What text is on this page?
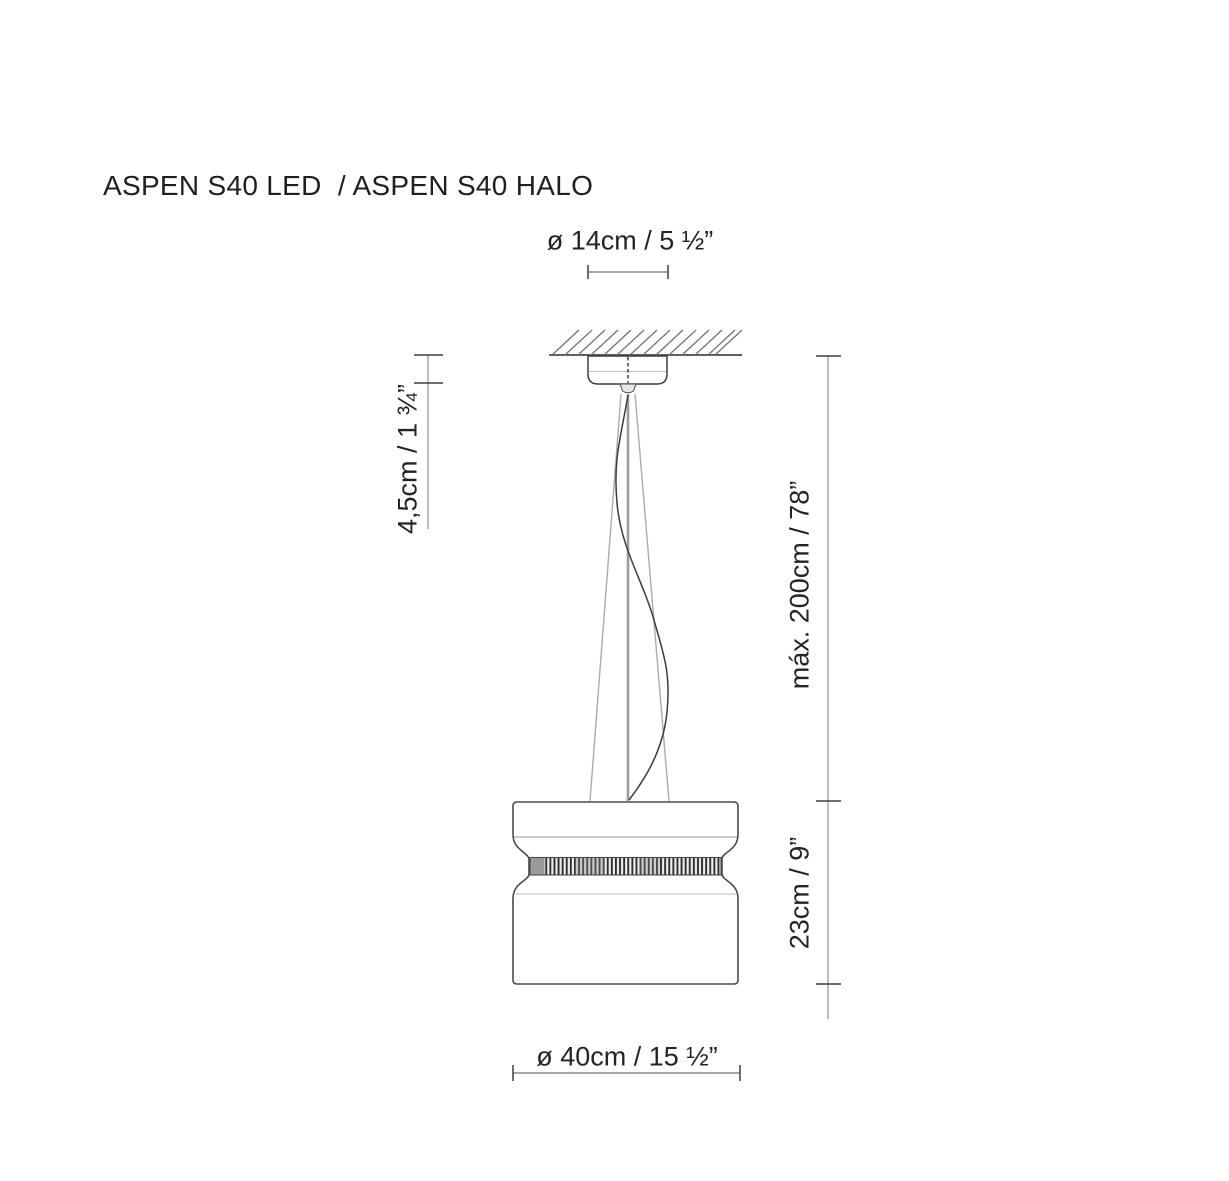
ASPEN S40 LED  / ASPEN S40 HALO
ø 14cm / 5 ½”
4,5cm / 1 ¾”
máx. 200cm / 78”
23cm / 9”
ø 40cm / 15 ½”
